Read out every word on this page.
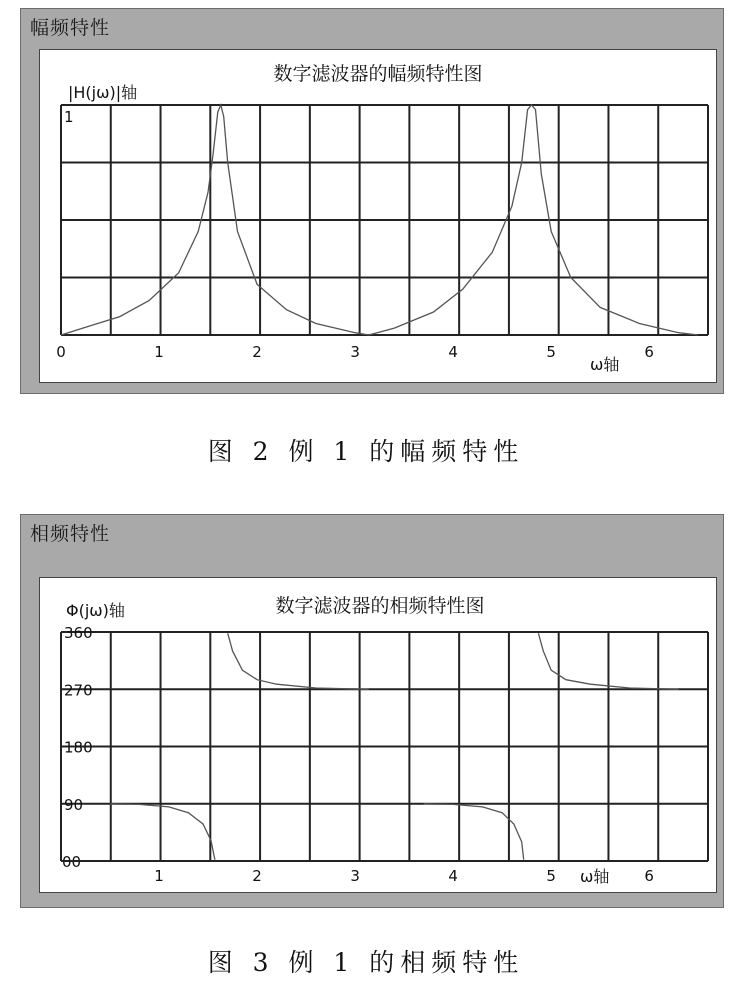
幅频特性
数字滤波器的幅频特性图
|H(jω)|轴
ω轴
1
0	1	2	3	4	5	6
图 2 例 1 的幅频特性
相频特性
数字滤波器的相频特性图
Φ(jω)轴
ω轴
00
90
180
270
360
1	2	3	4	5	6
图 3 例 1 的相频特性
